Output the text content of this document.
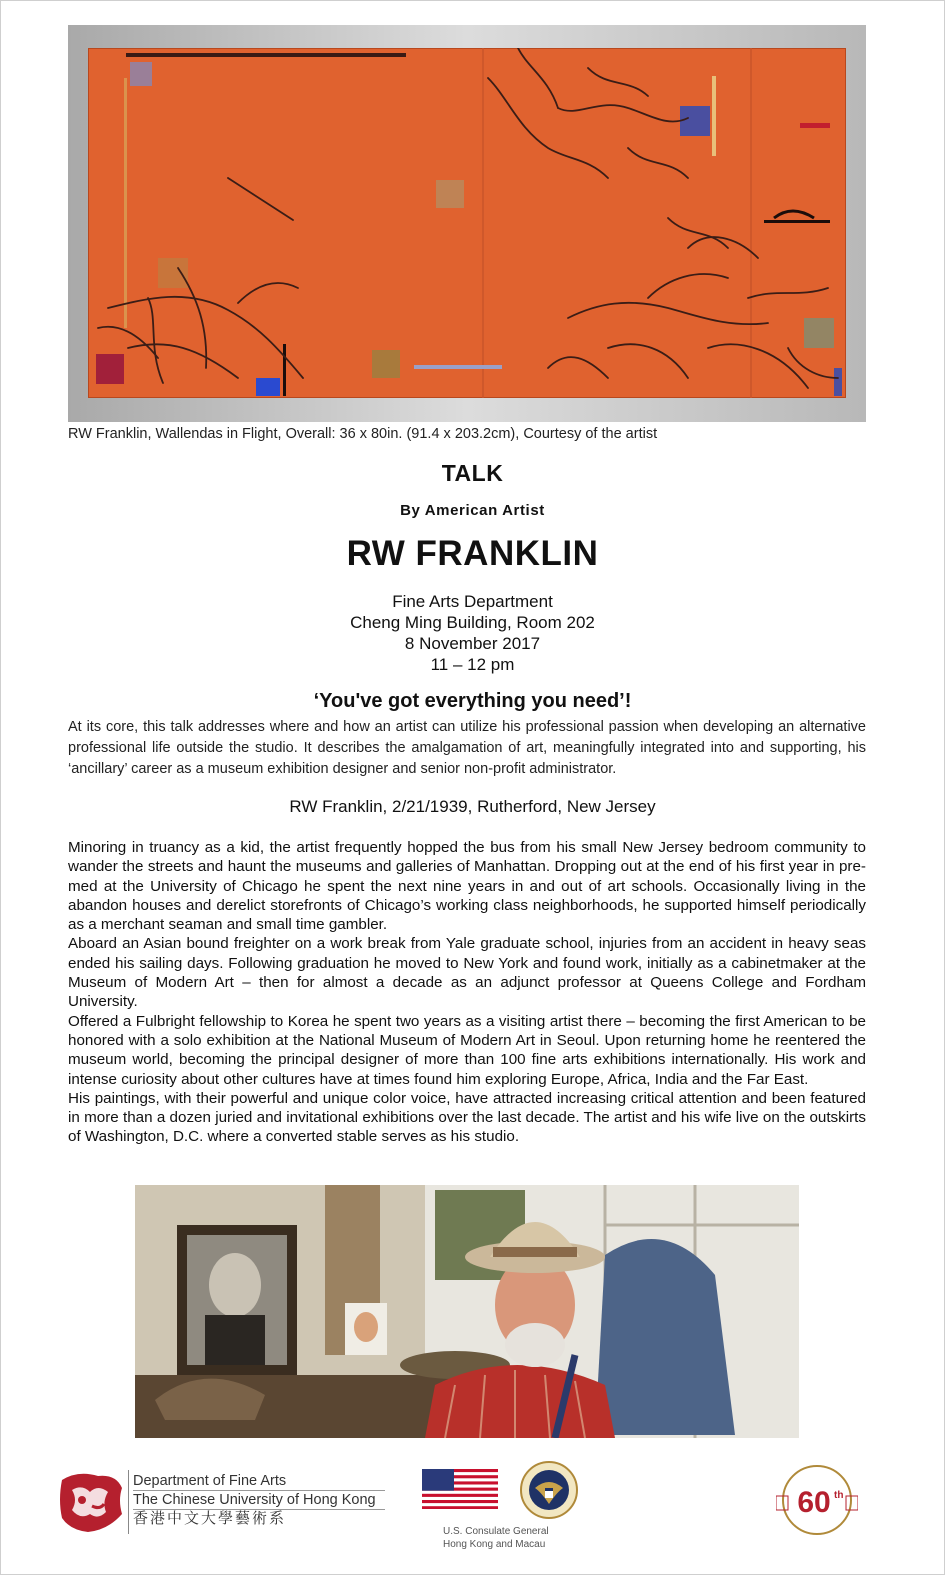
RW Franklin, Wallendas in Flight, Overall: 36 x 80in. (91.4 x 203.2cm), Courtesy of the artist
TALK
By American Artist
RW FRANKLIN
Fine Arts Department
Cheng Ming Building, Room 202
8 November 2017
11 – 12 pm
‘You've got everything you need’!
At its core, this talk addresses where and how an artist can utilize his professional passion when developing an alternative professional life outside the studio. It describes the amalgamation of art, meaningfully integrated into and supporting, his ‘ancillary’ career as a museum exhibition designer and senior non-profit administrator.
RW Franklin, 2/21/1939, Rutherford, New Jersey

Minoring in truancy as a kid, the artist frequently hopped the bus from his small New Jersey bedroom community to wander the streets and haunt the museums and galleries of Manhattan. Dropping out at the end of his first year in pre-med at the University of Chicago he spent the next nine years in and out of art schools. Occasionally living in the abandon houses and derelict storefronts of Chicago’s working class neighborhoods, he supported himself periodically as a merchant seaman and small time gambler.

Aboard an Asian bound freighter on a work break from Yale graduate school, injuries from an accident in heavy seas ended his sailing days. Following graduation he moved to New York and found work, initially as a cabinetmaker at the Museum of Modern Art – then for almost a decade as an adjunct professor at Queens College and Fordham University.

Offered a Fulbright fellowship to Korea he spent two years as a visiting artist there – becoming the first American to be honored with a solo exhibition at the National Museum of Modern Art in Seoul. Upon returning home he reentered the museum world, becoming the principal designer of more than 100 fine arts exhibitions internationally. His work and intense curiosity about other cultures have at times found him exploring Europe, Africa, India and the Far East.

His paintings, with their powerful and unique color voice, have attracted increasing critical attention and been featured in more than a dozen juried and invitational exhibitions over the last decade. The artist and his wife live on the outskirts of Washington, D.C. where a converted stable serves as his studio.

Department of Fine Arts
The Chinese University of Hong Kong
香港中文大學藝術系
U.S. Consulate General
Hong Kong and Macau
60 th
